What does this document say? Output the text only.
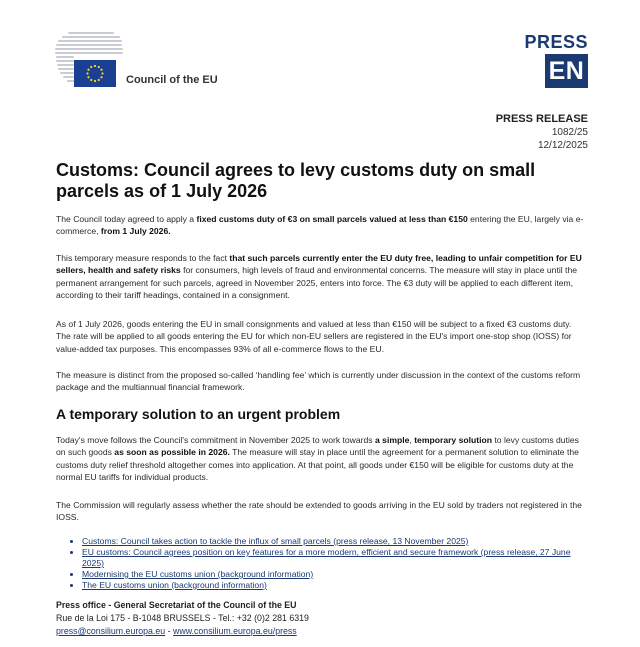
Council of the EU
PRESS
EN
PRESS RELEASE
1082/25
12/12/2025
Customs: Council agrees to levy customs duty on small parcels as of 1 July 2026

The Council today agreed to apply a fixed customs duty of €3 on small parcels valued at less than €150 entering the EU, largely via e-commerce, from 1 July 2026.

This temporary measure responds to the fact that such parcels currently enter the EU duty free, leading to unfair competition for EU sellers, health and safety risks for consumers, high levels of fraud and environmental concerns. The measure will stay in place until the permanent arrangement for such parcels, agreed in November 2025, enters into force. The €3 duty will be applied to each different item, according to their tariff headings, contained in a consignment.

As of 1 July 2026, goods entering the EU in small consignments and valued at less than €150 will be subject to a fixed €3 customs duty. The rate will be applied to all goods entering the EU for which non-EU sellers are registered in the EU's import one-stop shop (IOSS) for value-added tax purposes. This encompasses 93% of all e-commerce flows to the EU.

The measure is distinct from the proposed so-called ‘handling fee’ which is currently under discussion in the context of the customs reform package and the multiannual financial framework.

A temporary solution to an urgent problem

Today's move follows the Council's commitment in November 2025 to work towards a simple, temporary solution to levy customs duties on such goods as soon as possible in 2026. The measure will stay in place until the agreement for a permanent solution to eliminate the customs duty relief threshold altogether comes into application. At that point, all goods under €150 will be eligible for customs duty at the normal EU tariffs for individual products.

The Commission will regularly assess whether the rate should be extended to goods arriving in the EU sold by traders not registered in the IOSS.

• Customs: Council takes action to tackle the influx of small parcels (press release, 13 November 2025)
• EU customs: Council agrees position on key features for a more modern, efficient and secure framework (press release, 27 June 2025)
• Modernising the EU customs union (background information)
• The EU customs union (background information)
Press office - General Secretariat of the Council of the EU
Rue de la Loi 175 - B-1048 BRUSSELS - Tel.: +32 (0)2 281 6319
press@consilium.europa.eu - www.consilium.europa.eu/press
